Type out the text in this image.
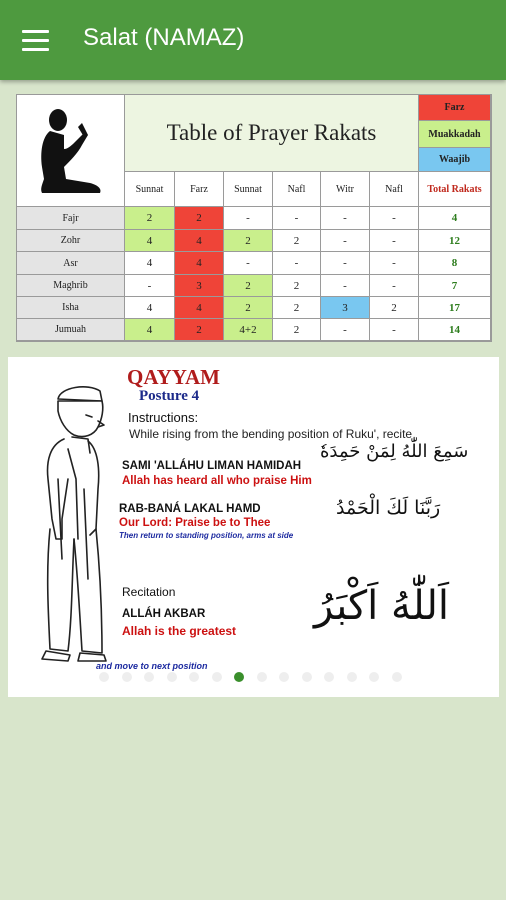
Salat (NAMAZ)
Table of Prayer Rakats
Farz
Muakkadah
Waajib
Sunnat	Farz	Sunnat	Nafl	Witr	Nafl	Total Rakats
Fajr	2	2	-	-	-	-	4
Zohr	4	4	2	2	-	-	12
Asr	4	4	-	-	-	-	8
Maghrib	-	3	2	2	-	-	7
Isha	4	4	2	2	3	2	17
Jumuah	4	2	4+2	2	-	-	14
QAYYAM
Posture 4
Instructions:
While rising from the bending position of Ruku', recite
SAMI 'ALLÁHU LIMAN HAMIDAH
Allah has heard all who praise Him
سَمِعَ اللّٰهُ لِمَنْ حَمِدَهٗ
RAB-BANÁ LAKAL HAMD
Our Lord: Praise be to Thee
Then return to standing position, arms at side
رَبَّنَا لَكَ الْحَمْدُ
Recitation
ALLÁH AKBAR
Allah is the greatest
اَللّٰهُ اَكْبَرُ
and move to next position
